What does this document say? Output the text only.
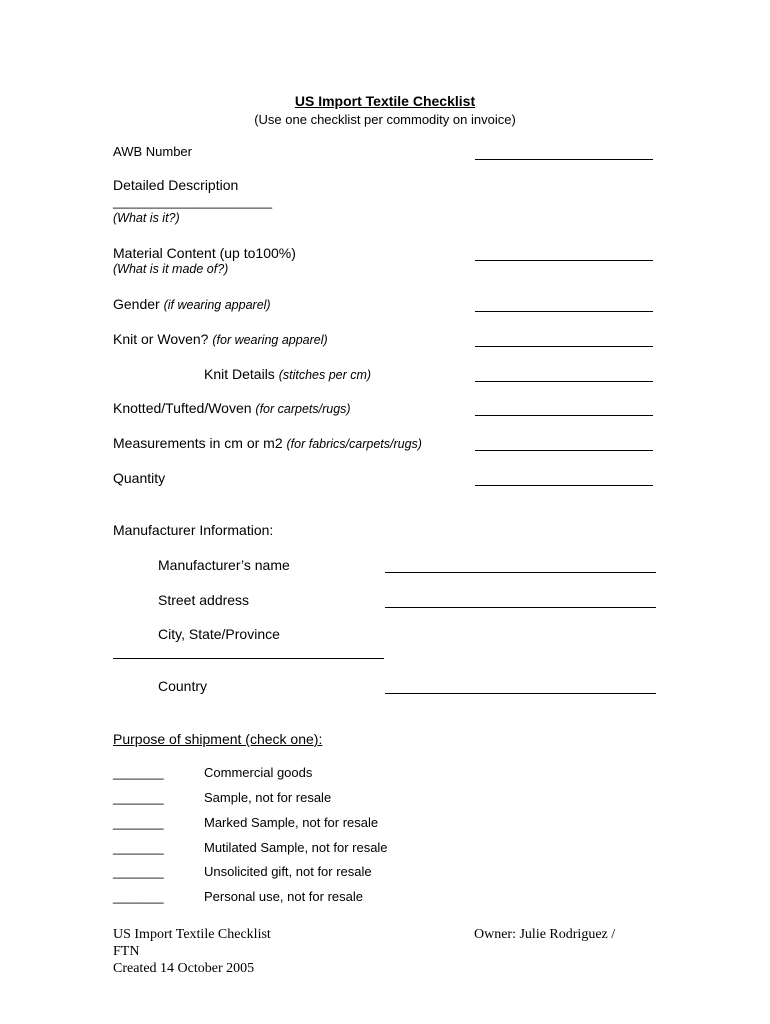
US Import Textile Checklist
(Use one checklist per commodity on invoice)
AWB Number
Detailed Description
______________________
(What is it?)
Material Content (up to100%)
(What is it made of?)
Gender (if wearing apparel)
Knit or Woven? (for wearing apparel)
Knit Details (stitches per cm)
Knotted/Tufted/Woven (for carpets/rugs)
Measurements in cm or m2 (for fabrics/carpets/rugs)
Quantity
Manufacturer Information:
Manufacturer’s name
Street address
City, State/Province
Country
Purpose of shipment (check one):
_______	Commercial goods
_______	Sample, not for resale
_______	Marked Sample, not for resale
_______	Mutilated Sample, not for resale
_______	Unsolicited gift, not for resale
_______	Personal use, not for resale
US Import Textile Checklist
FTN
Created 14 October 2005
Owner: Julie Rodriguez /
